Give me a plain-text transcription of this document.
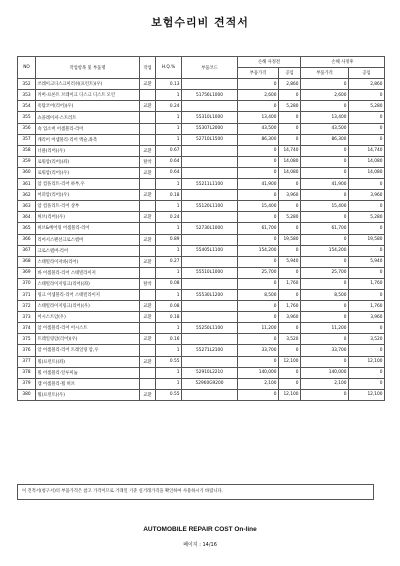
보험수리비 견적서
NO	작업항목 및 부품명	작업	H.Q.%	부품코드	손해 사정전		손해 사정후	
					부품가격	공임	부품가격	공임
352	쓰레이크디스크미러쉬(프런트)(우)	교환	0.13		0	2,860	0	2,860
353	커버-프론트 브레이크 디스크 디스트 모린		1	51756L1000	2,600	0	2,600	0
354	옥탑코어(리어)(우)	교환	0.24		0	5,280	0	5,280
355	쇼플레이져-스트러트		1	55310L1000	13,400	0	13,400	0
356	쇽 업소버 어셈블리-리어		1	55307L2000	43,500	0	43,500	0
357	캐리어 어셈블리-리어 액슬,좌측		1	52710L1500	86,300	0	86,300	0
358	너클(리어)(우)	교환	0.67		0	14,740	0	14,740
359	로워암(리어)(좌)	탈착	0.64		0	14,080	0	14,080
360	로워암(리어)(우)	교환	0.64		0	14,080	0	14,080
361	암 컴플리트-리어 하부,우		1	55211L1100	41,900	0	41,900	0
362	어퍼암(리어)(우)	교환	0.18		0	3,960	0	3,960
363	암 컴플리트-리어 상부		1	55120L1100	15,400	0	15,400	0
364	허브(리어)(우)	교환	0.24		0	5,280	0	5,280
365	허브&베어링 어셈블리-리어		1	52730L1000	61,700	0	61,700	0
366	리어서스펜션크로스멤버	교환	0.89		0	19,580	0	19,580
367	크로스멤버-리어		1	55405L1100	154,200	0	154,200	0
368	스태빌라이저바(리어)	교환	0.27		0	5,940	0	5,940
369	바 어셈블리-리어 스태빌라이저		1	55510L1000	25,700	0	25,700	0
370	스태빌라이저링크(리어)(좌)	탈착	0.08		0	1,760	0	1,760
371	링크 어셈블리-리어 스태빌라이저		1	55530L1200	8,500	0	8,500	0
372	스태빌라이저링크(리어)(우)	교환	0.08		0	1,760	0	1,760
373	어시스트암(우)	교환	0.18		0	3,960	0	3,960
374	암 어셈블리-리어 어시스트		1	55250L1100	11,200	0	11,200	0
375	트레일링암(리어)(우)	교환	0.16		0	3,520	0	3,520
376	암 어셈블리-리어 트레일링 암,우		1	55271L2100	33,700	0	33,700	0
377	휠(프런트)(좌)	교환	0.55		0	12,100	0	12,100
378	휠 어셈블리-알루미늄		1	52910L2210	140,000	0	140,000	0
379	캡 어셈블리-휠 허브		1	52960G9200	2,100	0	2,100	0
380	휠(프런트)(우)	교환	0.55		0	12,100	0	12,100
이 견적서(청구서)의 부품가격은 참고 가격이므로 거래일 기준 실거래가격을 확인하여 사용하시기 바랍니다.
AUTOMOBILE REPAIR COST On-line
페이지 : 14/16
